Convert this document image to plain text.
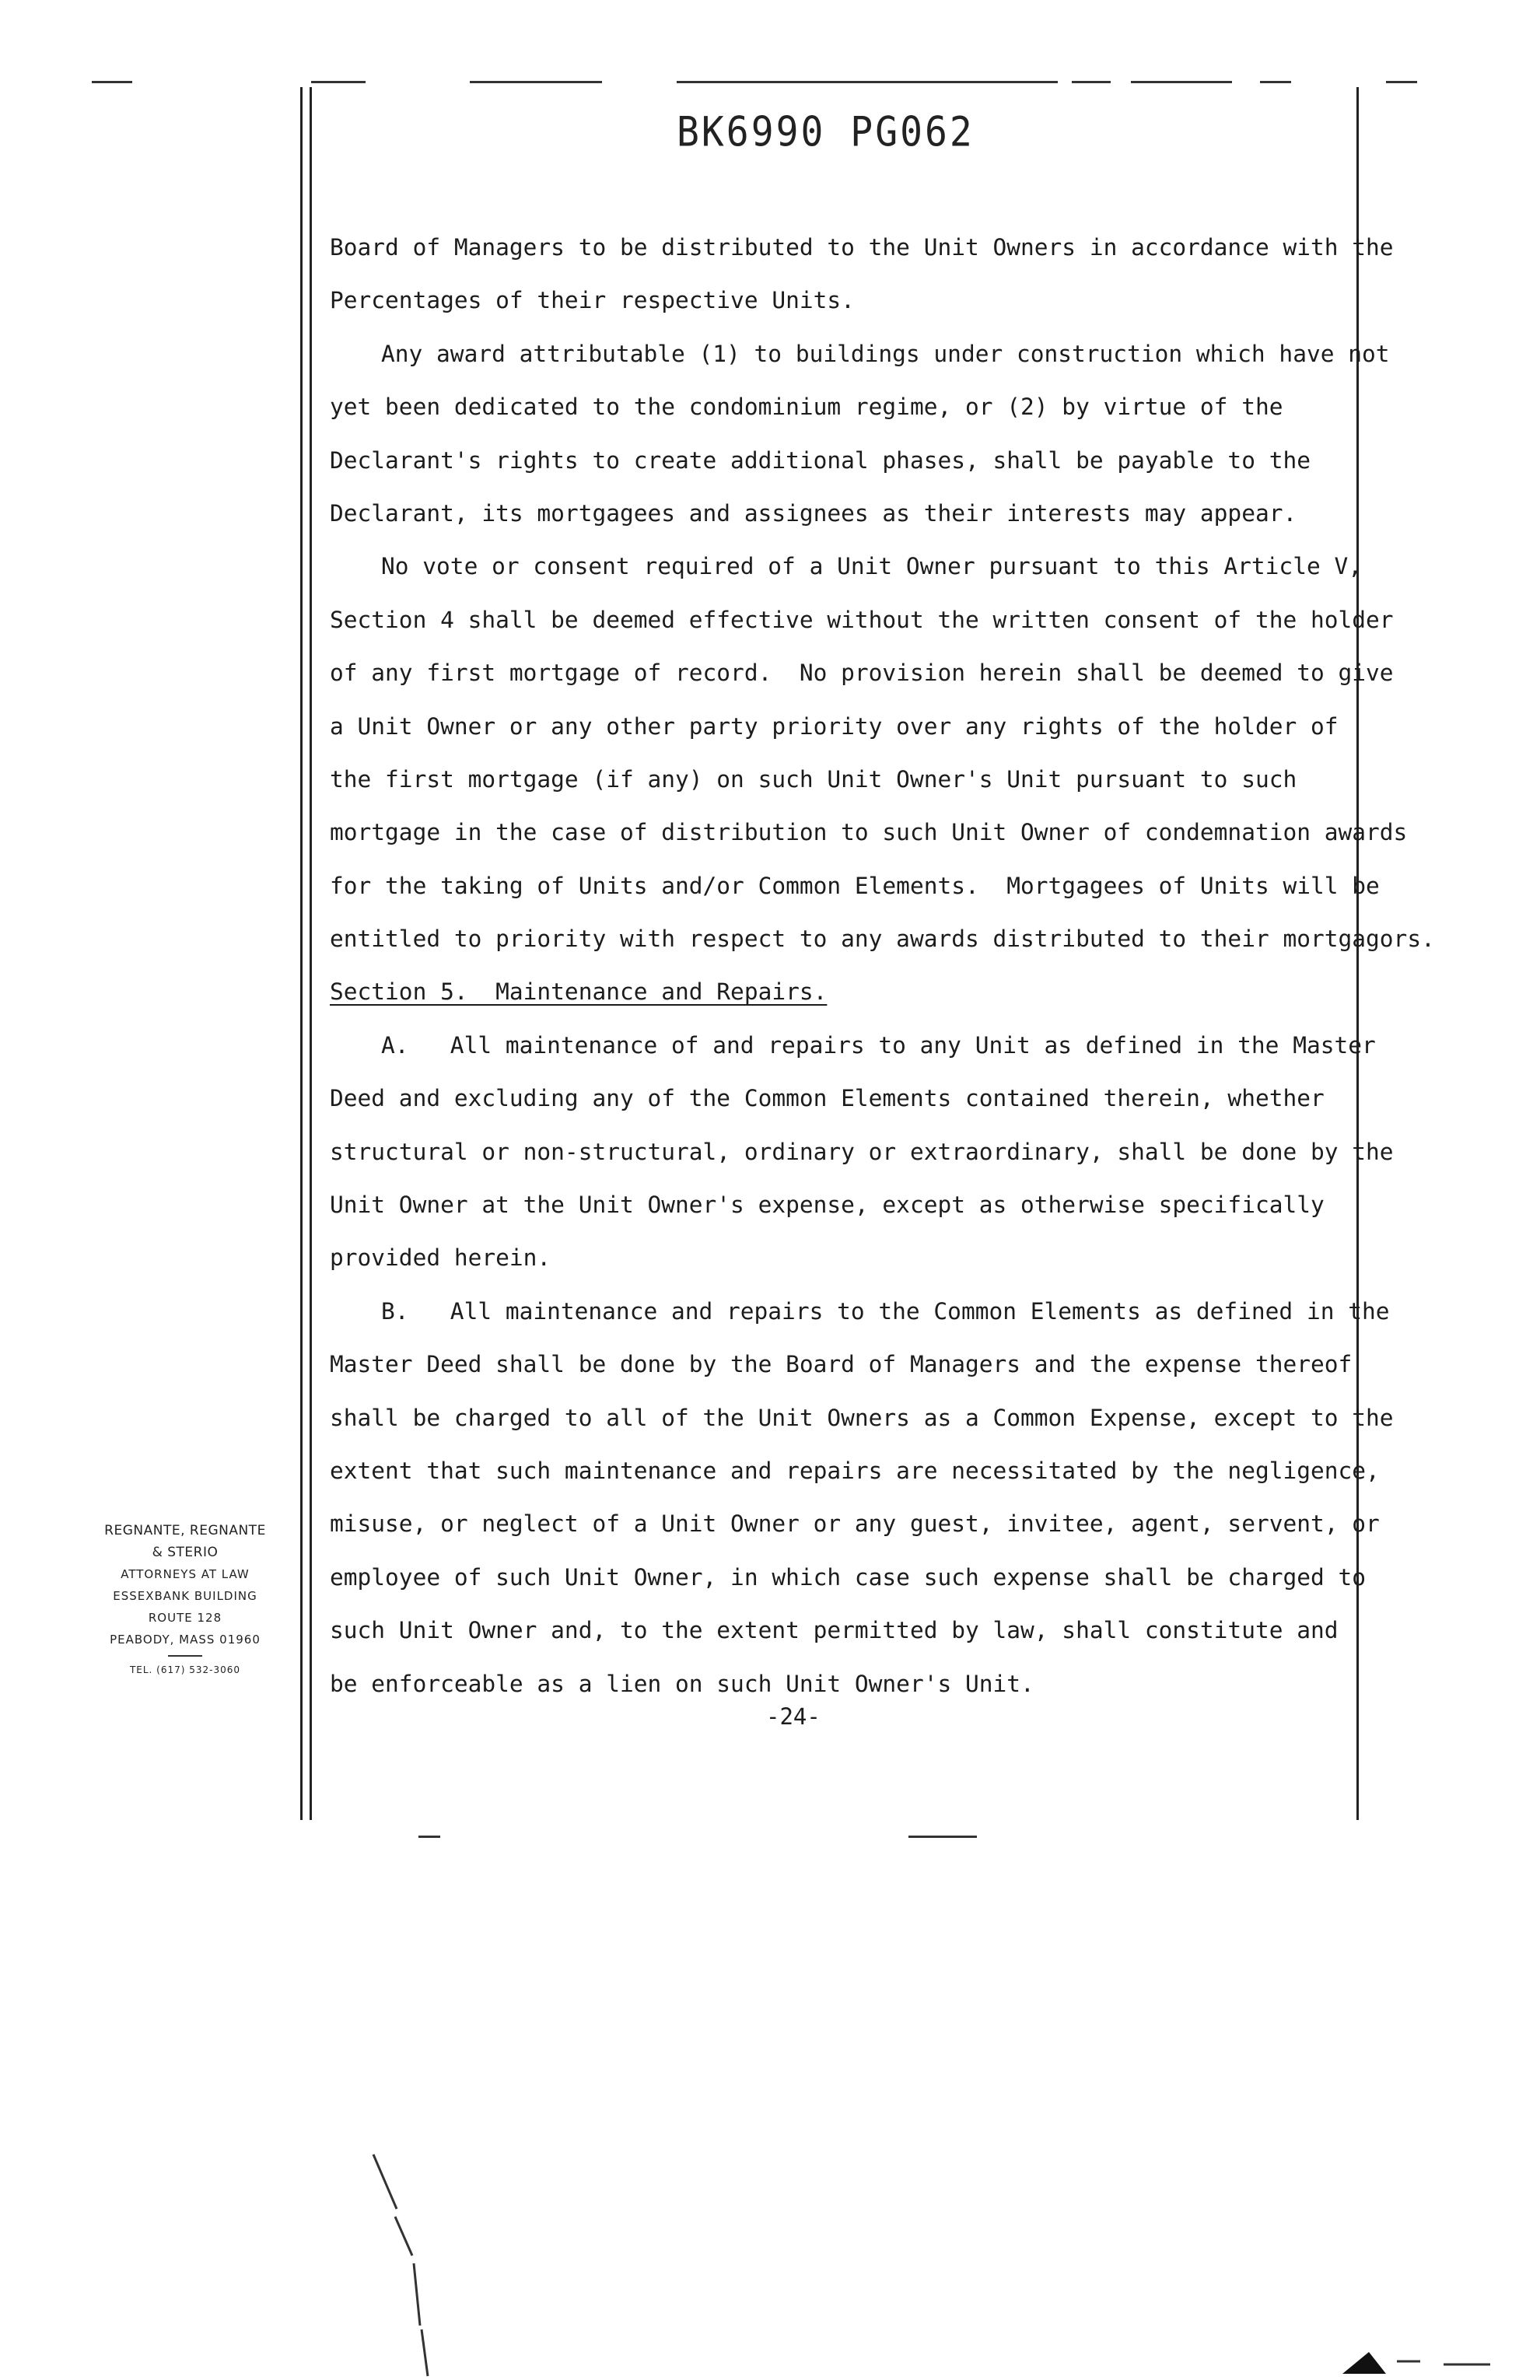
BK6990 PG062
Board of Managers to be distributed to the Unit Owners in accordance with the
Percentages of their respective Units.
Any award attributable (1) to buildings under construction which have not
yet been dedicated to the condominium regime, or (2) by virtue of the
Declarant's rights to create additional phases, shall be payable to the
Declarant, its mortgagees and assignees as their interests may appear.
No vote or consent required of a Unit Owner pursuant to this Article V,
Section 4 shall be deemed effective without the written consent of the holder
of any first mortgage of record.  No provision herein shall be deemed to give
a Unit Owner or any other party priority over any rights of the holder of
the first mortgage (if any) on such Unit Owner's Unit pursuant to such
mortgage in the case of distribution to such Unit Owner of condemnation awards
for the taking of Units and/or Common Elements.  Mortgagees of Units will be
entitled to priority with respect to any awards distributed to their mortgagors.
Section 5.  Maintenance and Repairs.
A.   All maintenance of and repairs to any Unit as defined in the Master
Deed and excluding any of the Common Elements contained therein, whether
structural or non-structural, ordinary or extraordinary, shall be done by the
Unit Owner at the Unit Owner's expense, except as otherwise specifically
provided herein.
B.   All maintenance and repairs to the Common Elements as defined in the
Master Deed shall be done by the Board of Managers and the expense thereof
shall be charged to all of the Unit Owners as a Common Expense, except to the
extent that such maintenance and repairs are necessitated by the negligence,
misuse, or neglect of a Unit Owner or any guest, invitee, agent, servent, or
employee of such Unit Owner, in which case such expense shall be charged to
such Unit Owner and, to the extent permitted by law, shall constitute and
be enforceable as a lien on such Unit Owner's Unit.
REGNANTE, REGNANTE
& STERIO
ATTORNEYS AT LAW
ESSEXBANK BUILDING
ROUTE 128
PEABODY, MASS 01960
TEL. (617) 532-3060
-24-
